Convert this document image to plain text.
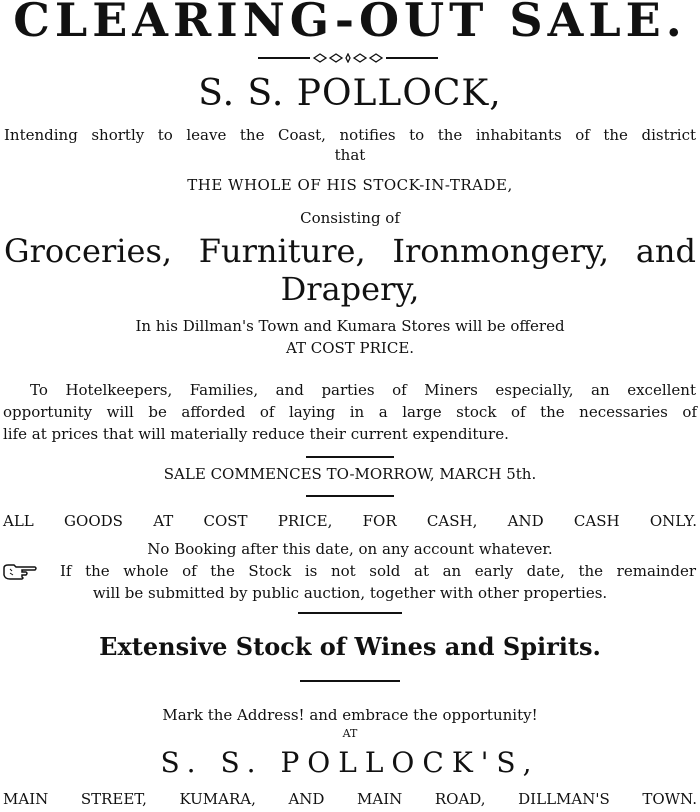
CLEARING-OUT SALE.
S. S. POLLOCK,
Intending shortly to leave the Coast, notifies to the inhabitants of the district
that
THE WHOLE OF HIS STOCK-IN-TRADE,
Consisting of
Groceries, Furniture, Ironmongery, and
Drapery,
In his Dillman's Town and Kumara Stores will be offered
AT COST PRICE.
To Hotelkeepers, Families, and parties of Miners especially, an excellent
opportunity will be afforded of laying in a large stock of the necessaries of
life at prices that will materially reduce their current expenditure.
SALE COMMENCES TO-MORROW, MARCH 5th.
ALL GOODS AT COST PRICE, FOR CASH, AND CASH ONLY.
No Booking after this date, on any account whatever.
If the whole of the Stock is not sold at an early date, the remainder
will be submitted by public auction, together with other properties.
Extensive Stock of Wines and Spirits.
Mark the Address! and embrace the opportunity!
AT
S. S. POLLOCK'S,
MAIN STREET, KUMARA, AND MAIN ROAD, DILLMAN'S TOWN.
